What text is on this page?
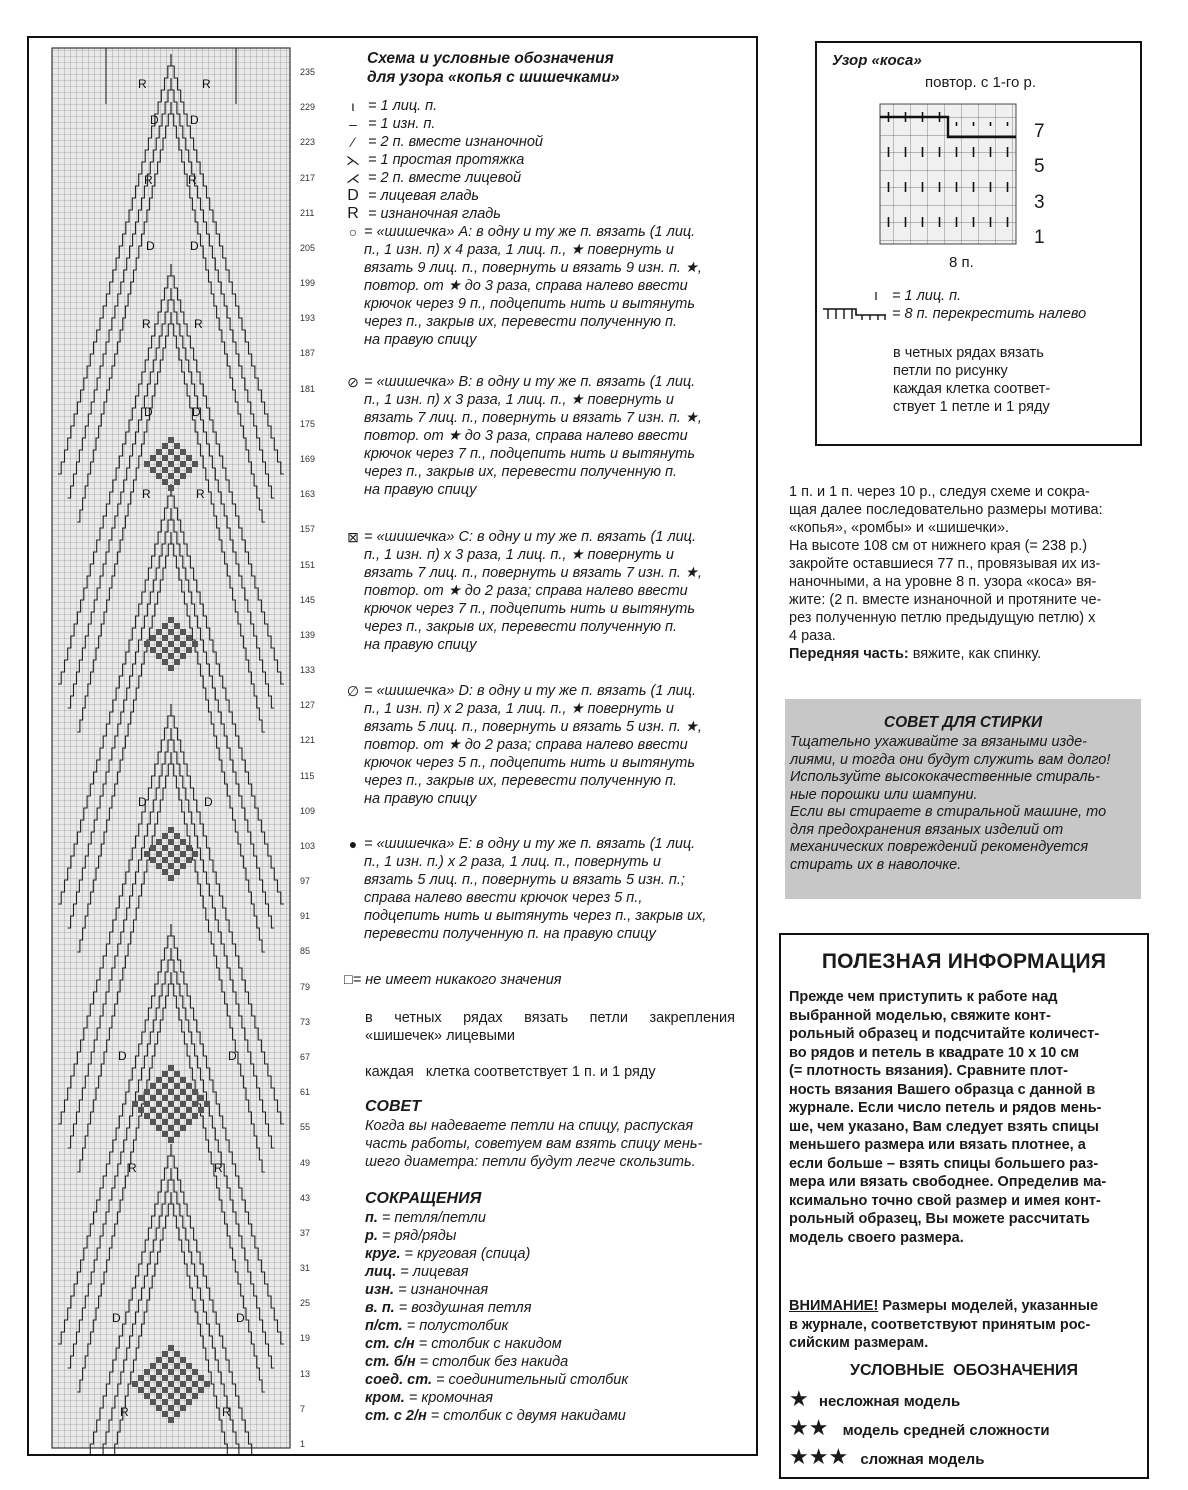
R	R
D	D
R	R
D	D
R	R
D	D
R	R
D	D
D	D
R	R
D	D
R	R
235
229
223
217
211
205
199
193
187
181
175
169
163
157
151
145
139
133
127
121
115
109
103
97
91
85
79
73
67
61
55
49
43
37
31
25
19
13
7
1
Схема и условные обозначения
для узора «копья с шишечками»
ı = 1 лиц. п.
– = 1 изн. п.
⁄ = 2 п. вместе изнаночной
⋋ = 1 простая протяжка
⋌ = 2 п. вместе лицевой
D = лицевая гладь
R = изнаночная гладь
○ = «шишечка» А: в одну и ту же п. вязать (1 лиц.
п., 1 изн. п) х 4 раза, 1 лиц. п., ★ повернуть и
вязать 9 лиц. п., повернуть и вязать 9 изн. п. ★,
повтор. от ★ до 3 раза, справа налево ввести
крючок через 9 п., подцепить нить и вытянуть
через п., закрыв их, перевести полученную п.
на правую спицу
⊘ = «шишечка» В: в одну и ту же п. вязать (1 лиц.
п., 1 изн. п) х 3 раза, 1 лиц. п., ★ повернуть и
вязать 7 лиц. п., повернуть и вязать 7 изн. п. ★,
повтор. от ★ до 3 раза, справа налево ввести
крючок через 7 п., подцепить нить и вытянуть
через п., закрыв их, перевести полученную п.
на правую спицу
⊠ = «шишечка» С: в одну и ту же п. вязать (1 лиц.
п., 1 изн. п) х 3 раза, 1 лиц. п., ★ повернуть и
вязать 7 лиц. п., повернуть и вязать 7 изн. п. ★,
повтор. от ★ до 2 раза; справа налево ввести
крючок через 7 п., подцепить нить и вытянуть
через п., закрыв их, перевести полученную п.
на правую спицу
∅ = «шишечка» D: в одну и ту же п. вязать (1 лиц.
п., 1 изн. п) х 2 раза, 1 лиц. п., ★ повернуть и
вязать 5 лиц. п., повернуть и вязать 5 изн. п. ★,
повтор. от ★ до 2 раза; справа налево ввести
крючок через 5 п., подцепить нить и вытянуть
через п., закрыв их, перевести полученную п.
на правую спицу
● = «шишечка» Е: в одну и ту же п. вязать (1 лиц.
п., 1 изн. п.) х 2 раза, 1 лиц. п., повернуть и
вязать 5 лиц. п., повернуть и вязать 5 изн. п.;
справа налево ввести крючок через 5 п.,
подцепить нить и вытянуть через п., закрыв их,
перевести полученную п. на правую спицу
□= не имеет никакого значения
в четных рядах вязать петли закрепления
«шишечек» лицевыми
каждая   клетка соответствует 1 п. и 1 ряду
СОВЕТ
Когда вы надеваете петли на спицу, распуская
часть работы, советуем вам взять спицу мень-
шего диаметра: петли будут легче скользить.
СОКРАЩЕНИЯ
п. = петля/петли
р. = ряд/ряды
круг. = круговая (спица)
лиц. = лицевая
изн. = изнаночная
в. п. = воздушная петля
п/ст. = полустолбик
ст. с/н = столбик с накидом
ст. б/н = столбик без накида
соед. ст. = соединительный столбик
кром. = кромочная
ст. с 2/н = столбик с двумя накидами
Узор «коса»
повтор. с 1-го р.
7
5
3
1
8 п.
ı = 1 лиц. п.
= 8 п. перекрестить налево
в четных рядах вязать
петли по рисунку
каждая клетка соответ-
ствует 1 петле и 1 ряду
1 п. и 1 п. через 10 р., следуя схеме и сокра-
щая далее последовательно размеры мотива:
«копья», «ромбы» и «шишечки».
На высоте 108 см от нижнего края (= 238 р.)
закройте оставшиеся 77 п., провязывая их из-
наночными, а на уровне 8 п. узора «коса» вя-
жите: (2 п. вместе изнаночной и протяните че-
рез полученную петлю предыдущую петлю) х
4 раза.
Передняя часть: вяжите, как спинку.
СОВЕТ ДЛЯ СТИРКИ
Тщательно ухаживайте за вязаными изде-
лиями, и тогда они будут служить вам долго!
Используйте высококачественные стираль-
ные порошки или шампуни.
Если вы стираете в стиральной машине, то
для предохранения вязаных изделий от
механических повреждений рекомендуется
стирать их в наволочке.
ПОЛЕЗНАЯ ИНФОРМАЦИЯ
Прежде чем приступить к работе над
выбранной моделью, свяжите конт-
рольный образец и подсчитайте количест-
во рядов и петель в квадрате 10 х 10 см
(= плотность вязания). Сравните плот-
ность вязания Вашего образца с данной в
журнале. Если число петель и рядов мень-
ше, чем указано, Вам следует взять спицы
меньшего размера или вязать плотнее, а
если больше – взять спицы большего раз-
мера или вязать свободнее. Определив ма-
ксимально точно свой размер и имея конт-
рольный образец, Вы можете рассчитать
модель своего размера.
ВНИМАНИЕ! Размеры моделей, указанные
в журнале, соответствуют принятым рос-
сийским размерам.
УСЛОВНЫЕ  ОБОЗНАЧЕНИЯ
★ несложная модель
★★ модель средней сложности
★★★ сложная модель
